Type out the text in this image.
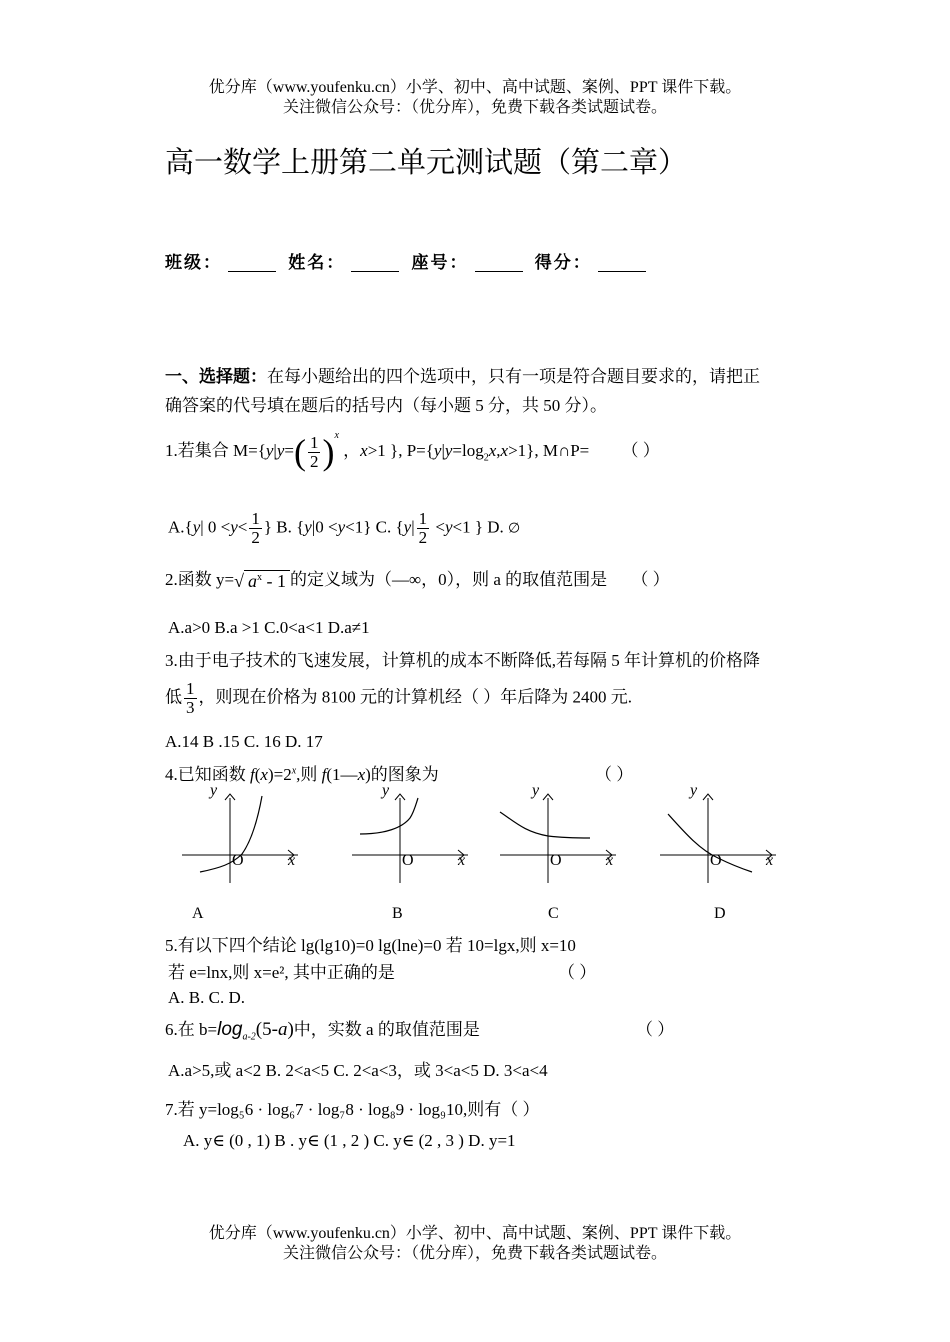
优分库（www.youfenku.cn）小学、初中、高中试题、案例、PPT 课件下载。
关注微信公众号：（优分库），免费下载各类试题试卷。
高一数学上册第二单元测试题（第二章）
班级：	姓名：	座号：	得分：
一、选择题：在每小题给出的四个选项中，只有一项是符合题目要求的，请把正
确答案的代号填在题后的括号内（每小题 5 分，共 50 分）。
1.若集合 $M=\{y|y=( \frac{1}{2} )^x$ ，x>1 }, $P=\{y|y=\log_2x,x>1\}$, M∩P= （ ）
A.{y| $0 <y< \frac{1}{2}$ } B. {y|0 <y<1} C. {$y| \frac{1}{2} <y<1$ } D. ∅
2.函数 y=√ $a^x - 1$ 的定义域为（—∞，0），则 a 的取值范围是 （ ）
A.a>0 B.a >1 C.0<a<1 D.a≠1
3.由于电子技术的飞速发展，计算机的成本不断降低,若每隔 5 年计算机的价格降
低 $\frac{1}{3}$ ，则现在价格为 8100 元的计算机经（ ）年后降为 2400 元.
A.14 B .15 C. 16 D. 17
4.已知函数 $f(x)=2^x$,则 f(1—x)的图象为	（ ）
y
O	x
A
y
O	x
B
y
O	x
C
y
O	x
D
5.有以下四个结论 lg(lg10)=0 lg(lne)=0 若 10=lgx,则 x=10
若 e=lnx,则 x=e², 其中正确的是	（ ）
A. B. C. D.
6.在 $b=\log_{a-2}(5-a)$中，实数 a 的取值范围是	（ ）
A.a>5,或 a<2 B. 2<a<5 C. 2<a<3，或 3<a<5 D. 3<a<4
7.若 y=log₅6 · log₆7 · log₇8 · log₈9 · log₉10,则有（ ）
A. y∈ (0 , 1) B . y∈ (1 , 2 ) C. y∈ (2 , 3 ) D. y=1
优分库（www.youfenku.cn）小学、初中、高中试题、案例、PPT 课件下载。
关注微信公众号：（优分库），免费下载各类试题试卷。
